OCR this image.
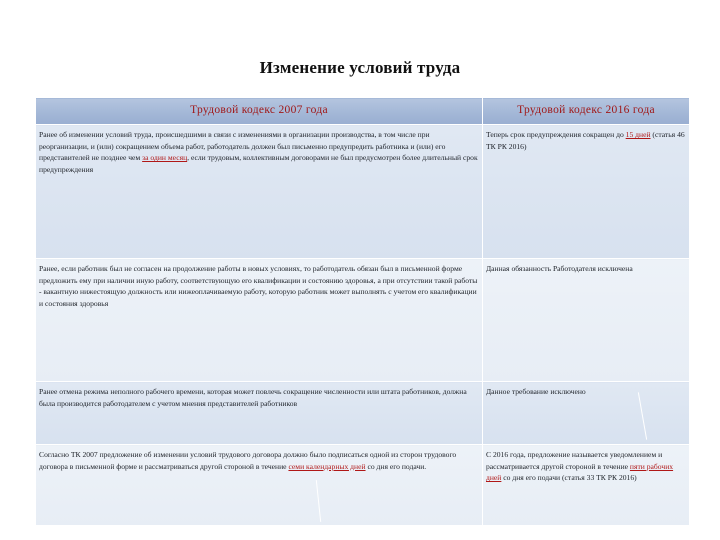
Изменение условий труда
Трудовой кодекс 2007 года	Трудовой кодекс 2016 года
Ранее об изменении условий труда, происшедшими в связи с изменениями в организации производства, в том числе при реорганизации, и (или) сокращением объема работ, работодатель должен был письменно предупредить работника и (или) его представителей не позднее чем за один месяц, если трудовым, коллективным договорами не был предусмотрен более длительный срок предупреждения	Теперь срок предупреждения сокращен до 15 дней (статья 46 ТК РК 2016)
Ранее, если работник был не согласен на продолжение работы в новых условиях, то работодатель обязан был в письменной форме предложить ему при наличии иную работу, соответствующую его квалификации и состоянию здоровья, а при отсутствии такой работы - вакантную нижестоящую должность или нижеоплачиваемую работу, которую работник может выполнять с учетом его квалификации и состояния здоровья	Данная обязанность Работодателя исключена
Ранее отмена режима неполного рабочего времени, которая может повлечь сокращение численности или штата работников, должна была производится работодателем с учетом мнения представителей работников	Данное требование исключено
Согласно ТК 2007 предложение об изменении условий трудового договора должно было подписаться одной из сторон трудового договора в письменной форме и рассматриваться другой стороной в течение семи календарных дней со дня его подачи.	С 2016 года, предложение называется уведомлением и рассматривается другой стороной в течение пяти рабочих дней со дня его подачи (статья 33 ТК РК 2016)
